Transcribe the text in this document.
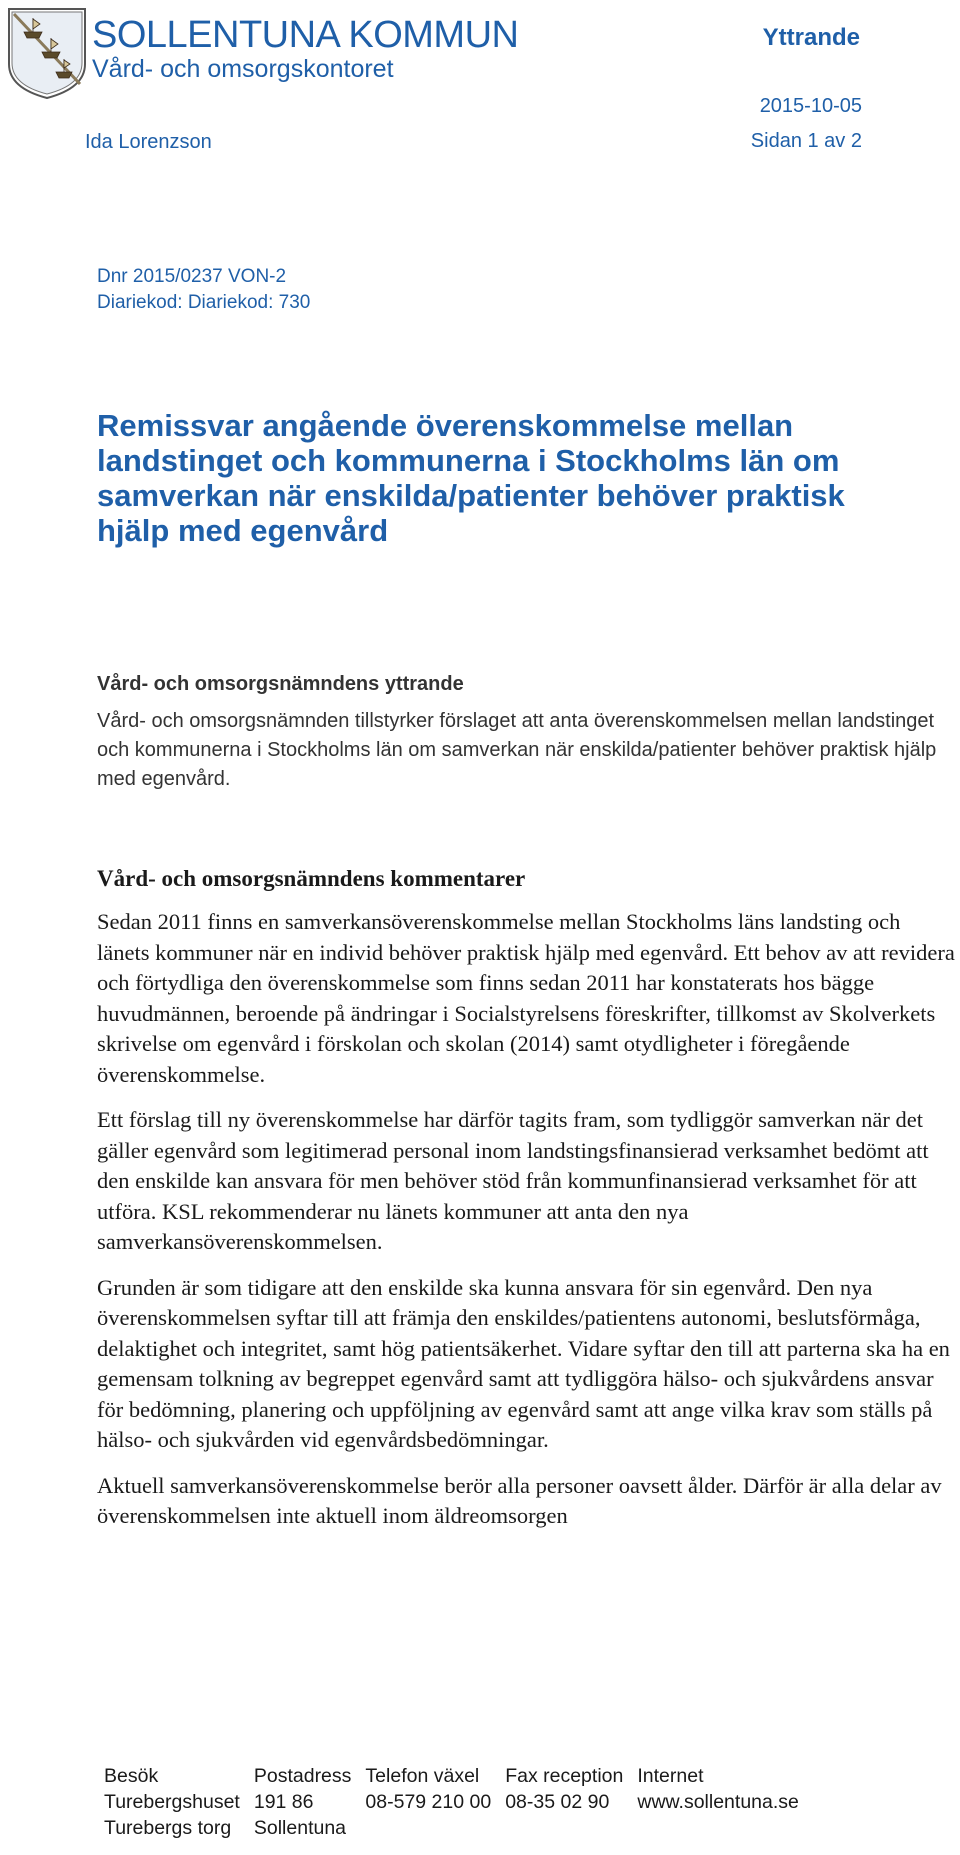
SOLLENTUNA KOMMUN
Vård- och omsorgskontoret
Yttrande
2015-10-05
Sidan 1 av 2
Ida Lorenzson
Dnr 2015/0237 VON-2
Diariekod: Diariekod: 730
Remissvar angående överenskommelse mellan landstinget och kommunerna i Stockholms län om samverkan när enskilda/patienter behöver praktisk hjälp med egenvård
Vård- och omsorgsnämndens yttrande
Vård- och omsorgsnämnden tillstyrker förslaget att anta överenskommelsen mellan landstinget och kommunerna i Stockholms län om samverkan när enskilda/patienter behöver praktisk hjälp med egenvård.
Vård- och omsorgsnämndens kommentarer

Sedan 2011 finns en samverkansöverenskommelse mellan Stockholms läns landsting och länets kommuner när en individ behöver praktisk hjälp med egenvård. Ett behov av att revidera och förtydliga den överenskommelse som finns sedan 2011 har konstaterats hos bägge huvudmännen, beroende på ändringar i Socialstyrelsens föreskrifter, tillkomst av Skolverkets skrivelse om egenvård i förskolan och skolan (2014) samt otydligheter i föregående överenskommelse.

Ett förslag till ny överenskommelse har därför tagits fram, som tydliggör samverkan när det gäller egenvård som legitimerad personal inom landstingsfinansierad verksamhet bedömt att den enskilde kan ansvara för men behöver stöd från kommunfinansierad verksamhet för att utföra. KSL rekommenderar nu länets kommuner att anta den nya samverkansöverenskommelsen.

Grunden är som tidigare att den enskilde ska kunna ansvara för sin egenvård. Den nya överenskommelsen syftar till att främja den enskildes/patientens autonomi, beslutsförmåga, delaktighet och integritet, samt hög patientsäkerhet. Vidare syftar den till att parterna ska ha en gemensam tolkning av begreppet egenvård samt att tydliggöra hälso- och sjukvårdens ansvar för bedömning, planering och uppföljning av egenvård samt att ange vilka krav som ställs på hälso- och sjukvården vid egenvårdsbedömningar.

Aktuell samverkansöverenskommelse berör alla personer oavsett ålder. Därför är alla delar av överenskommelsen inte aktuell inom äldreomsorgen

Besök	Postadress	Telefon växel	Fax reception	Internet
Turebergshuset	191 86	08-579 210 00	08-35 02 90	www.sollentuna.se
Turebergs torg	Sollentuna			
